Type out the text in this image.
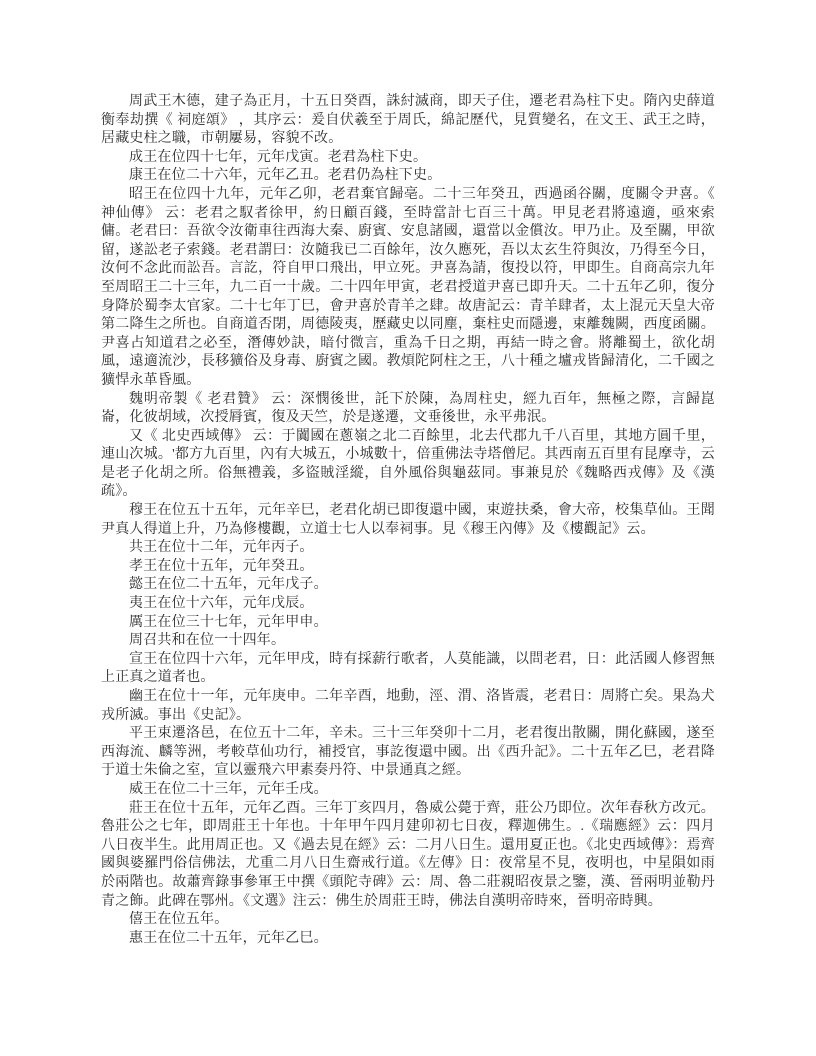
周武王木德，建子為正月，十五日癸酉，誅紂滅商，即天子住，遷老君為柱下史。隋內史薛道衡奉劫撰《 祠庭頌》 ，其序云：爰自伏羲至于周氏，綿記歷代，見質變名，在文王、武王之時，居藏史柱之職，市朝屢易，容貌不改。

成王在位四十七年，元年戊寅。老君為柱下史。

康王在位二十六年，元年乙丑。老君仍為柱下史。

昭王在位四十九年，元年乙卯，老君棄官歸亳。二十三年癸丑，西過函谷關，度關令尹喜。《 神仙傳》 云：老君之馭者徐甲，約日顧百錢，至時當計七百三十萬。甲見老君將遠適，亟來索傭。老君曰：吾欲令汝衛車往西海大秦、廚賓、安息諸國，還當以金償汝。甲乃止。及至關，甲欲留，遂訟老子索錢。老君謂曰：汝隨我已二百餘年，汝久應死，吾以太玄生符與汝，乃得至今日，汝何不念此而訟吾。言訖，符自甲口飛出，甲立死。尹喜為請，復投以符，甲即生。自商高宗九年至周昭王二十三年，九二百一十歲。二十四年甲寅，老君授道尹喜已即升天。二十五年乙卯，復分身降於蜀李太官家。二十七年丁巳，會尹喜於青羊之肆。故唐記云：青羊肆者，太上混元天皇大帝第二降生之所也。自商道否閉，周德陵夷，歷藏史以同塵，棄柱史而隱邊，束離魏闕，西度函關。尹喜占知道君之必至，潛傳妙訣，暗付微言，重為千日之期，再結一時之會。將離蜀土，欲化胡風，遠適流沙，長移獷俗及身毒、廚賓之國。教煩陀阿柱之王，八十種之壚戎皆歸清化，二千國之獷悍永革昏風。

魏明帝製《 老君贊》 云：深憫後世，託下於陳，為周柱史，經九百年，無極之際，言歸崑崙，化彼胡域，次授脣賓，復及天竺，於是遂遷，文垂後世，永平弗泯。

又《 北史西域傳》 云：于闐國在蔥嶺之北二百餘里，北去代郡九千八百里，其地方圓千里，連山次城。'都方九百里，內有大城五，小城數十，倍重佛法寺塔僧尼。其西南五百里有昆摩寺，云是老子化胡之所。俗無禮義，多盜賊淫縱，自外風俗與龜茲同。事兼見於《魏略西戎傳》及《漢疏》。

穆王在位五十五年，元年辛巳，老君化胡已即復還中國，束遊扶桑，會大帝，校集草仙。王聞尹真人得道上升，乃為修樓觀，立道士七人以奉祠事。見《穆王內傳》及《樓觀記》云。

共王在位十二年，元年丙子。

孝王在位十五年，元年癸丑。

懿王在位二十五年，元年戊子。

夷王在位十六年，元年戊辰。

厲王在位三十七年，元年甲申。

周召共和在位一十四年。

宣王在位四十六年，元年甲戌，時有採薪行歌者，人莫能識，以問老君，日：此活國人修習無上正真之道者也。

幽王在位十一年，元年庚申。二年辛酉，地動，涇、渭、洛皆震，老君日：周將亡矣。果為犬戎所滅。事出《史記》。

平王束遷洛邑，在位五十二年，辛未。三十三年癸卯十二月，老君復出散關，開化蘇國，遂至西海流、麟等洲，考較草仙功行，補授官，事訖復還中國。出《西升記》。二十五年乙巳，老君降于道士朱倫之室，宣以靈飛六甲素奏丹符、中景通真之經。

威王在位二十三年，元年壬戌。

莊王在位十五年，元年乙酉。三年丁亥四月，魯威公薨于齊，莊公乃即位。次年春秋方改元。魯莊公之七年，即周莊王十年也。十年甲午四月建卯初七日夜，釋迦佛生。.《瑞應經》云：四月八日夜半生。此用周正也。又《過去見在經》云：二月八日生。還用夏正也。《北史西域傳》：焉齊國與婆羅門俗信佛法，尤重二月八日生齋戒行道。《左傳》日：夜常星不見，夜明也，中星隕如雨於兩階也。故蕭齊錄事參軍王中撰《頭陀寺碑》云：周、魯二莊親昭夜景之鑒，漢、晉兩明並勒丹青之飾。此碑在鄂州。《文選》注云：佛生於周莊王時，佛法自漢明帝時來，晉明帝時興。

僖王在位五年。

惠王在位二十五年，元年乙巳。
